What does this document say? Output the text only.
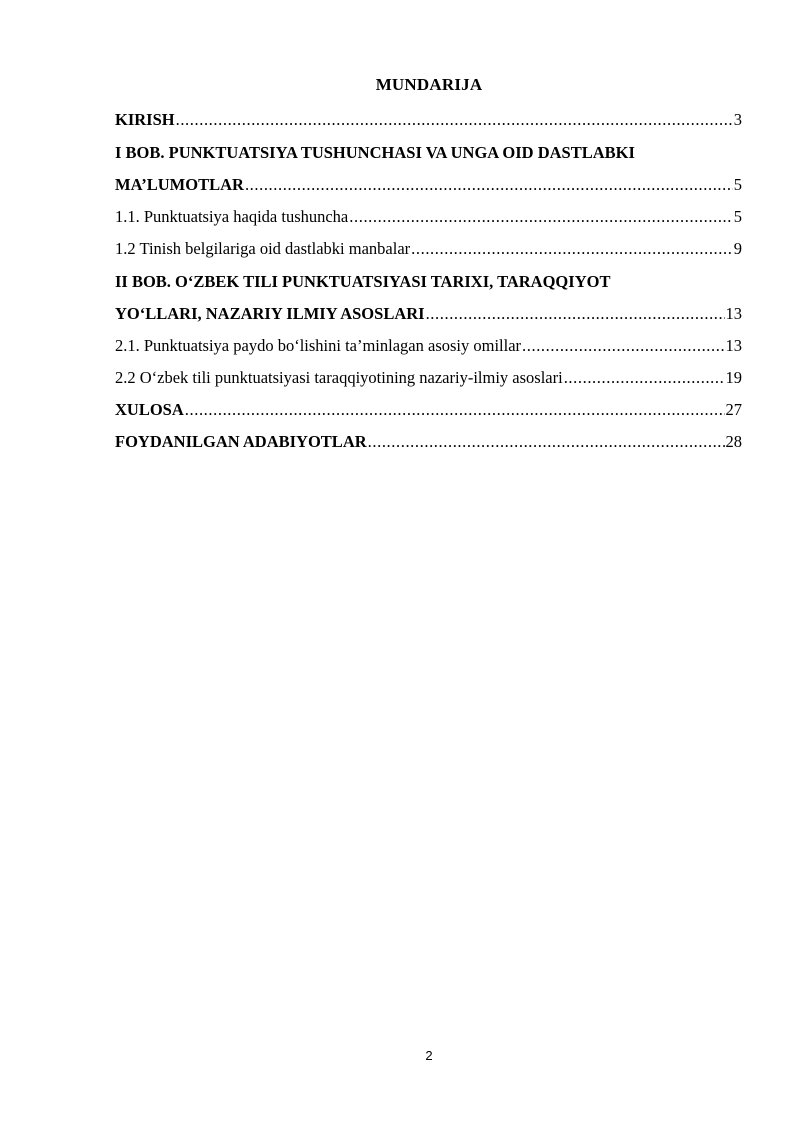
MUNDARIJA
KIRISH .....	3
I BOB. PUNKTUATSIYA TUSHUNCHASI VA UNGA OID DASTLABKI
MA’LUMOTLAR .....	5
1.1. Punktuatsiya haqida tushuncha .....	5
1.2 Tinish belgilariga oid dastlabki manbalar .....	9
II BOB. O‘ZBEK TILI PUNKTUATSIYASI TARIXI, TARAQQIYOT
YO‘LLARI, NAZARIY ILMIY ASOSLARI .....	13
2.1. Punktuatsiya paydo bo‘lishini ta’minlagan asosiy omillar .....	13
2.2 O‘zbek tili punktuatsiyasi taraqqiyotining nazariy-ilmiy asoslari .....	19
XULOSA .....	27
FOYDANILGAN ADABIYOTLAR .....	28
2
